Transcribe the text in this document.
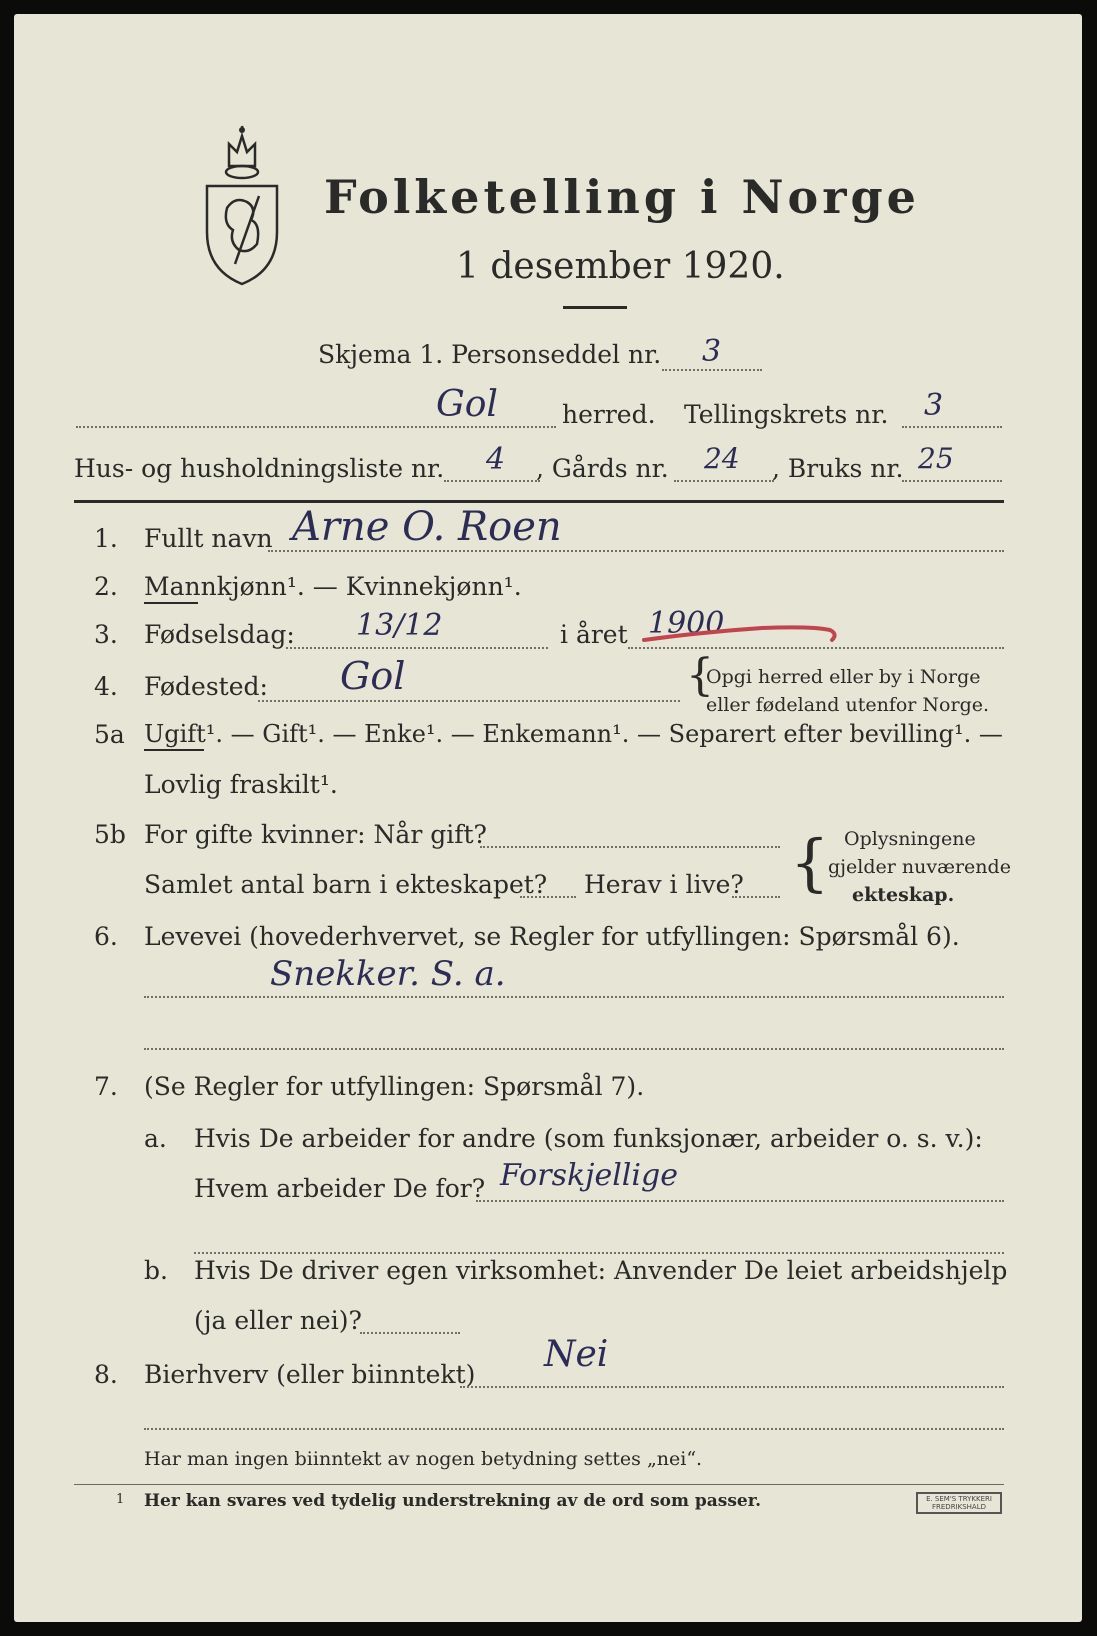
Folketelling i Norge
1 desember 1920.
Skjema 1. Personseddel nr. 3
Gol	herred. Tellingskrets nr. 3
Hus- og husholdningsliste nr. 4 , Gårds nr. 24 , Bruks nr. 25
1. Fullt navn Arne O. Roen
2. Mannkjønn¹. — Kvinnekjønn¹.
3. Fødselsdag: 13/12	i året 1900
4. Fødested: Gol	{
Opgi herred eller by i Norge
eller fødeland utenfor Norge.
5a Ugift¹. — Gift¹. — Enke¹. — Enkemann¹. — Separert efter bevilling¹. —
Lovlig fraskilt¹.
5b For gifte kvinner: Når gift?
Samlet antal barn i ekteskapet? Herav i live? { Oplysningene
gjelder nuværende
ekteskap.
6. Levevei (hovederhvervet, se Regler for utfyllingen: Spørsmål 6).
Snekker. S. a.
7. (Se Regler for utfyllingen: Spørsmål 7).
a. Hvis De arbeider for andre (som funksjonær, arbeider o. s. v.):
Hvem arbeider De for? Forskjellige
b. Hvis De driver egen virksomhet: Anvender De leiet arbeidshjelp
(ja eller nei)?
8. Bierhverv (eller biinntekt) Nei
Har man ingen biinntekt av nogen betydning settes „nei“.
1 Her kan svares ved tydelig understrekning av de ord som passer.	E. SEM'S TRYKKERI FREDRIKSHALD
